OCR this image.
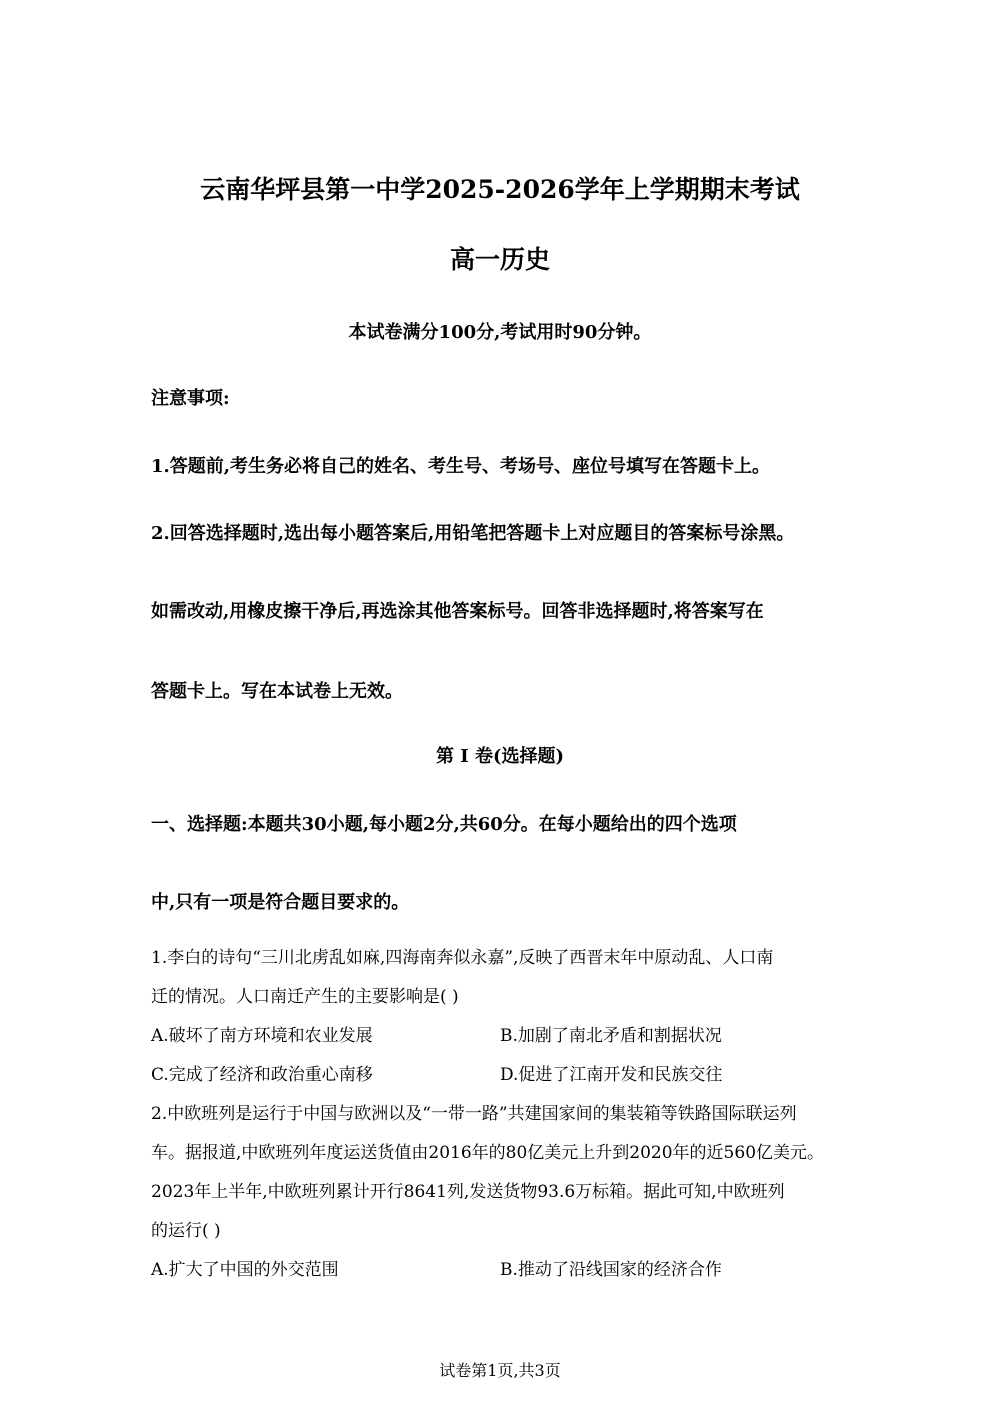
云南华坪县第一中学2025-2026学年上学期期末考试
高一历史
本试卷满分100分,考试用时90分钟。
注意事项:
1.答题前,考生务必将自己的姓名、考生号、考场号、座位号填写在答题卡上。
2.回答选择题时,选出每小题答案后,用铅笔把答题卡上对应题目的答案标号涂黑。
如需改动,用橡皮擦干净后,再选涂其他答案标号。回答非选择题时,将答案写在
答题卡上。写在本试卷上无效。
第 I 卷(选择题)
一、选择题:本题共30小题,每小题2分,共60分。在每小题给出的四个选项
中,只有一项是符合题目要求的。
1.李白的诗句“三川北虏乱如麻,四海南奔似永嘉”,反映了西晋末年中原动乱、人口南
迁的情况。人口南迁产生的主要影响是( )
A.破坏了南方环境和农业发展	B.加剧了南北矛盾和割据状况
C.完成了经济和政治重心南移	D.促进了江南开发和民族交往
2.中欧班列是运行于中国与欧洲以及“一带一路”共建国家间的集装箱等铁路国际联运列
车。据报道,中欧班列年度运送货值由2016年的80亿美元上升到2020年的近560亿美元。
2023年上半年,中欧班列累计开行8641列,发送货物93.6万标箱。据此可知,中欧班列
的运行( )
A.扩大了中国的外交范围	B.推动了沿线国家的经济合作
试卷第1页,共3页
